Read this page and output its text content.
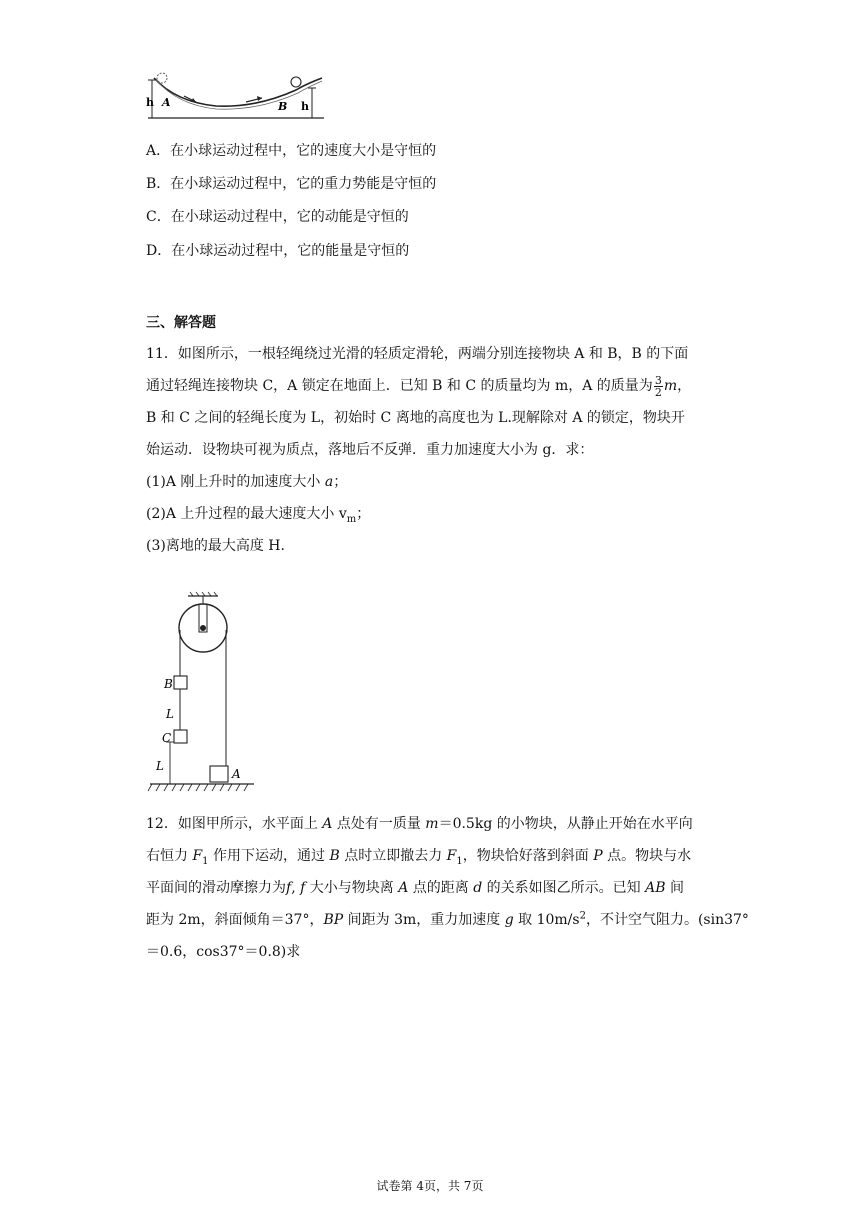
h A	B h
A．在小球运动过程中，它的速度大小是守恒的
B．在小球运动过程中，它的重力势能是守恒的
C．在小球运动过程中，它的动能是守恒的
D．在小球运动过程中，它的能量是守恒的
三、解答题
11．如图所示，一根轻绳绕过光滑的轻质定滑轮，两端分别连接物块 A 和 B，B 的下面
通过轻绳连接物块 C，A 锁定在地面上．已知 B 和 C 的质量均为 m，A 的质量为 $\frac{3}{2}$ m，
B 和 C 之间的轻绳长度为 L，初始时 C 离地的高度也为 L.现解除对 A 的锁定，物块开
始运动．设物块可视为质点，落地后不反弹．重力加速度大小为 g．求：
(1)A 刚上升时的加速度大小 a；
(2)A 上升过程的最大速度大小 $v_m$；
(3)离地的最大高度 H.
B
L
C
L
A
12．如图甲所示，水平面上 A 点处有一质量 m＝0.5kg 的小物块，从静止开始在水平向
右恒力 $F_1$ 作用下运动，通过 B 点时立即撤去力 $F_1$，物块恰好落到斜面 P 点。物块与水
平面间的滑动摩擦力为f, f 大小与物块离 A 点的距离 d 的关系如图乙所示。已知 AB 间
距为 2m，斜面倾角＝37°，BP 间距为 3m，重力加速度 g 取 $10m/s^2$，不计空气阻力。(sin37°
＝0.6，cos37°＝0.8)求
试卷第 4页，共 7页
